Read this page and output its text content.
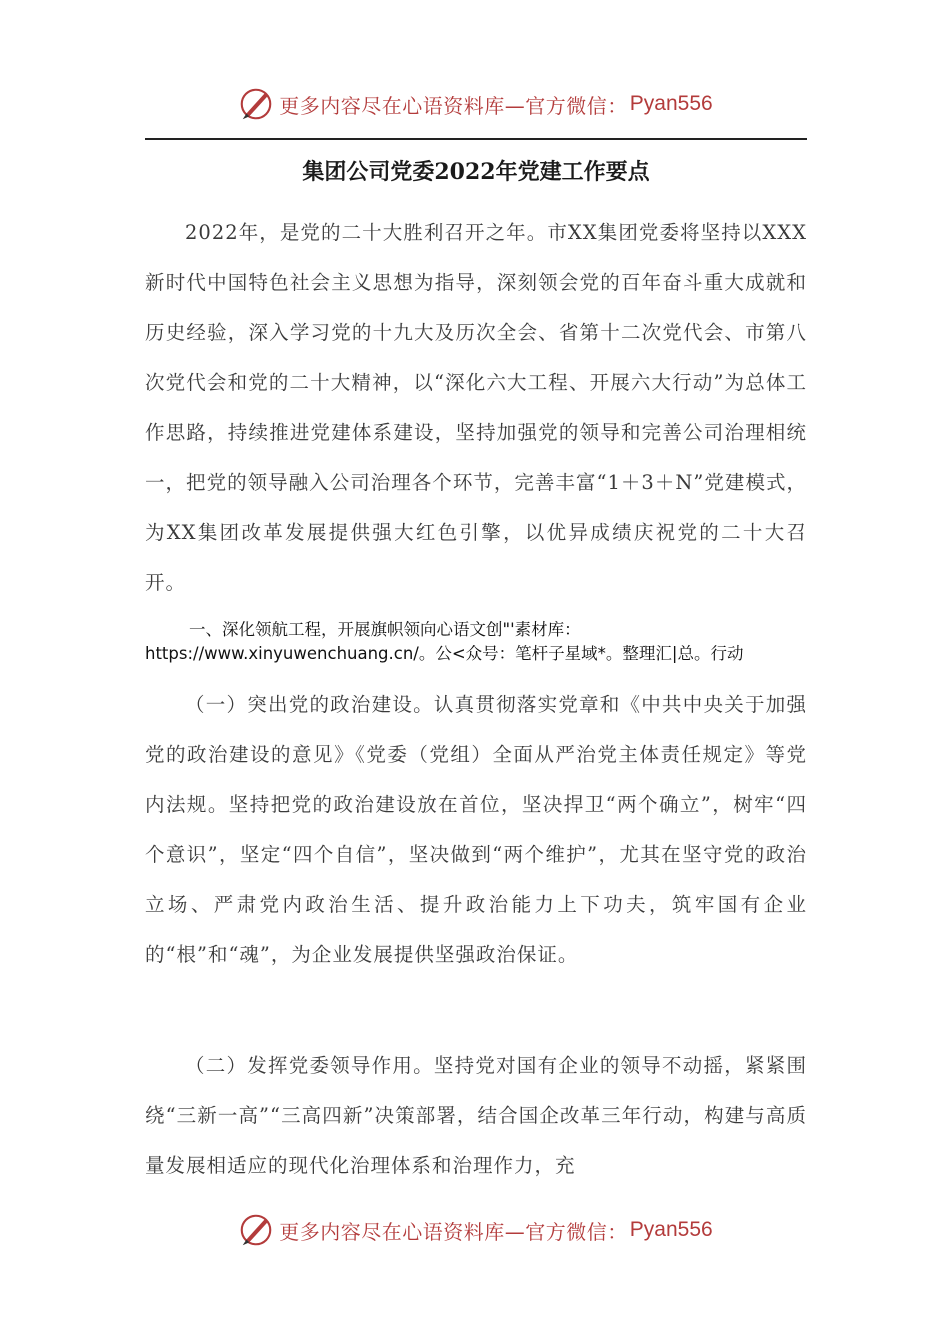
更多内容尽在心语资料库—官方微信： Pyan556
集团公司党委2022年党建工作要点
2022年，是党的二十大胜利召开之年。市XX集团党委将坚持以XXX新时代中国特色社会主义思想为指导，深刻领会党的百年奋斗重大成就和历史经验，深入学习党的十九大及历次全会、省第十二次党代会、市第八次党代会和党的二十大精神，以“深化六大工程、开展六大行动”为总体工作思路，持续推进党建体系建设，坚持加强党的领导和完善公司治理相统一，把党的领导融入公司治理各个环节，完善丰富“1＋3＋N”党建模式，为XX集团改革发展提供强大红色引擎，以优异成绩庆祝党的二十大召开。
一、深化领航工程，开展旗帜领向心语文创"'素材库：https://www.xinyuwenchuang.cn/。公<众号：笔杆子星域*。整理汇|总。行动
（一）突出党的政治建设。认真贯彻落实党章和《中共中央关于加强党的政治建设的意见》《党委（党组）全面从严治党主体责任规定》等党内法规。坚持把党的政治建设放在首位，坚决捍卫“两个确立”，树牢“四个意识”，坚定“四个自信”，坚决做到“两个维护”，尤其在坚守党的政治立场、严肃党内政治生活、提升政治能力上下功夫，筑牢国有企业的“根”和“魂”，为企业发展提供坚强政治保证。
（二）发挥党委领导作用。坚持党对国有企业的领导不动摇，紧紧围绕“三新一高”“三高四新”决策部署，结合国企改革三年行动，构建与高质量发展相适应的现代化治理体系和治理作力，充
更多内容尽在心语资料库—官方微信： Pyan556
